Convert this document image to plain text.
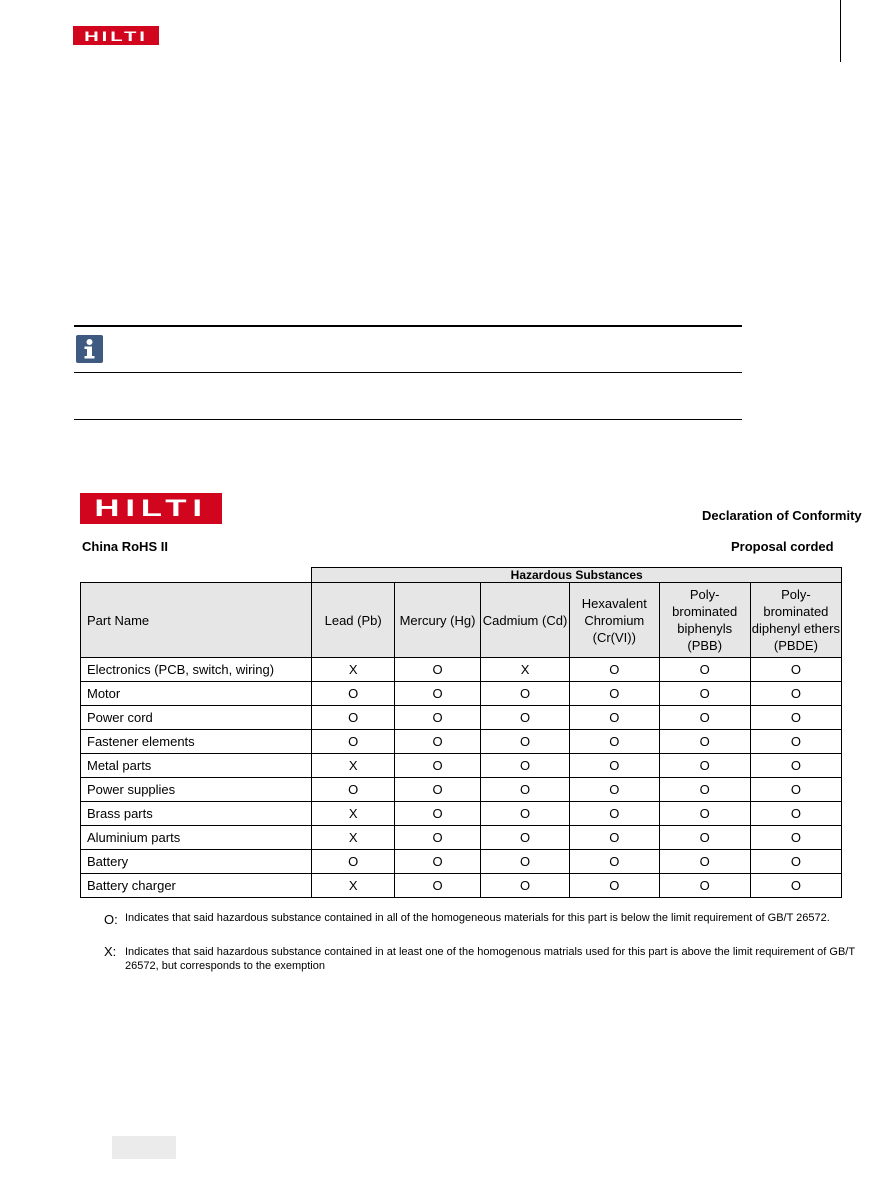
HILTI
HILTI	Declaration of Conformity
China RoHS II	Proposal corded
	Hazardous Substances					
Part Name	Lead (Pb)	Mercury (Hg)	Cadmium (Cd)	Hexavalent Chromium (Cr(VI))	Poly-brominated biphenyls (PBB)	Poly-brominated diphenyl ethers (PBDE)
Electronics (PCB, switch, wiring)	X	O	X	O	O	O
Motor	O	O	O	O	O	O
Power cord	O	O	O	O	O	O
Fastener elements	O	O	O	O	O	O
Metal parts	X	O	O	O	O	O
Power supplies	O	O	O	O	O	O
Brass parts	X	O	O	O	O	O
Aluminium parts	X	O	O	O	O	O
Battery	O	O	O	O	O	O
Battery charger	X	O	O	O	O	O
O: Indicates that said hazardous substance contained in all of the homogeneous materials for this part is below the limit requirement of GB/T 26572.
X: Indicates that said hazardous substance contained in at least one of the homogenous matrials used for this part is above the limit requirement of GB/T 26572, but corresponds to the exemption
